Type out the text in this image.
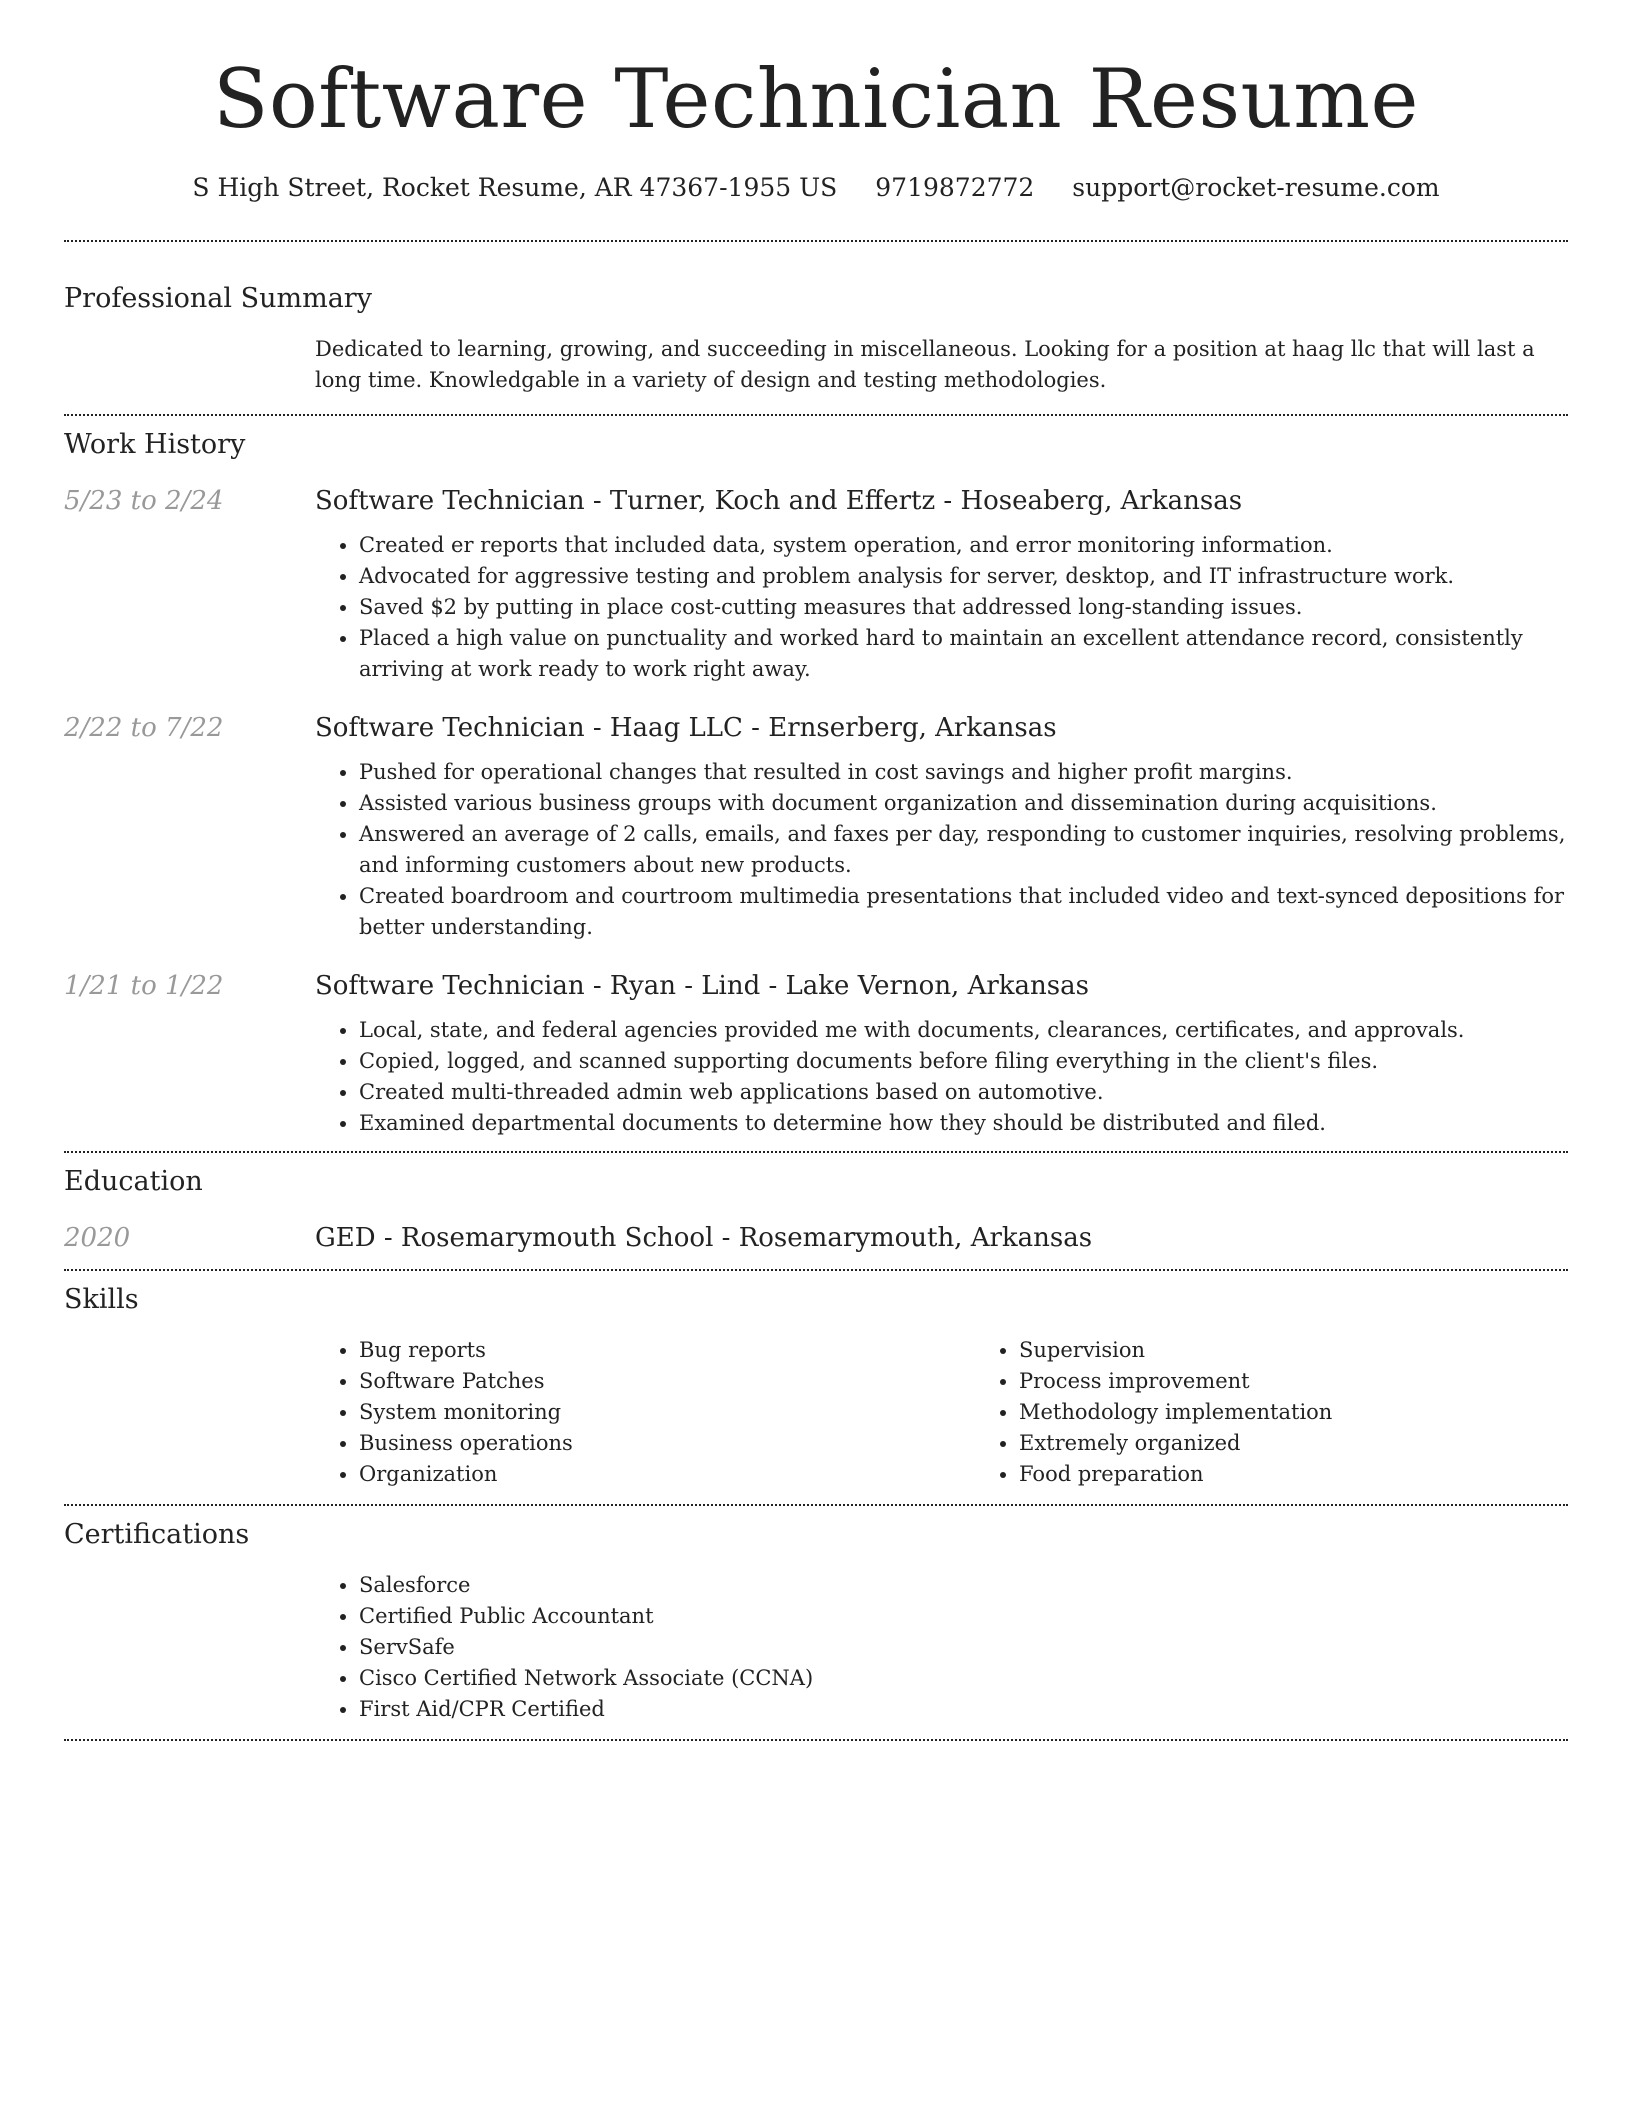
Software Technician Resume
S High Street, Rocket Resume, AR 47367-1955 US 9719872772 support@rocket-resume.com
Professional Summary
Dedicated to learning, growing, and succeeding in miscellaneous. Looking for a position at haag llc that will last a long time. Knowledgable in a variety of design and testing methodologies.
Work History
5/23 to 2/24	Software Technician - Turner, Koch and Effertz - Hoseaberg, Arkansas
• Created er reports that included data, system operation, and error monitoring information.
• Advocated for aggressive testing and problem analysis for server, desktop, and IT infrastructure work.
• Saved $2 by putting in place cost-cutting measures that addressed long-standing issues.
• Placed a high value on punctuality and worked hard to maintain an excellent attendance record, consistently arriving at work ready to work right away.
2/22 to 7/22	Software Technician - Haag LLC - Ernserberg, Arkansas
• Pushed for operational changes that resulted in cost savings and higher profit margins.
• Assisted various business groups with document organization and dissemination during acquisitions.
• Answered an average of 2 calls, emails, and faxes per day, responding to customer inquiries, resolving problems, and informing customers about new products.
• Created boardroom and courtroom multimedia presentations that included video and text-synced depositions for better understanding.
1/21 to 1/22	Software Technician - Ryan - Lind - Lake Vernon, Arkansas
• Local, state, and federal agencies provided me with documents, clearances, certificates, and approvals.
• Copied, logged, and scanned supporting documents before filing everything in the client's files.
• Created multi-threaded admin web applications based on automotive.
• Examined departmental documents to determine how they should be distributed and filed.
Education
2020	GED - Rosemarymouth School - Rosemarymouth, Arkansas
Skills
• Bug reports
• Software Patches
• System monitoring
• Business operations
• Organization
• Supervision
• Process improvement
• Methodology implementation
• Extremely organized
• Food preparation
Certifications
• Salesforce
• Certified Public Accountant
• ServSafe
• Cisco Certified Network Associate (CCNA)
• First Aid/CPR Certified
